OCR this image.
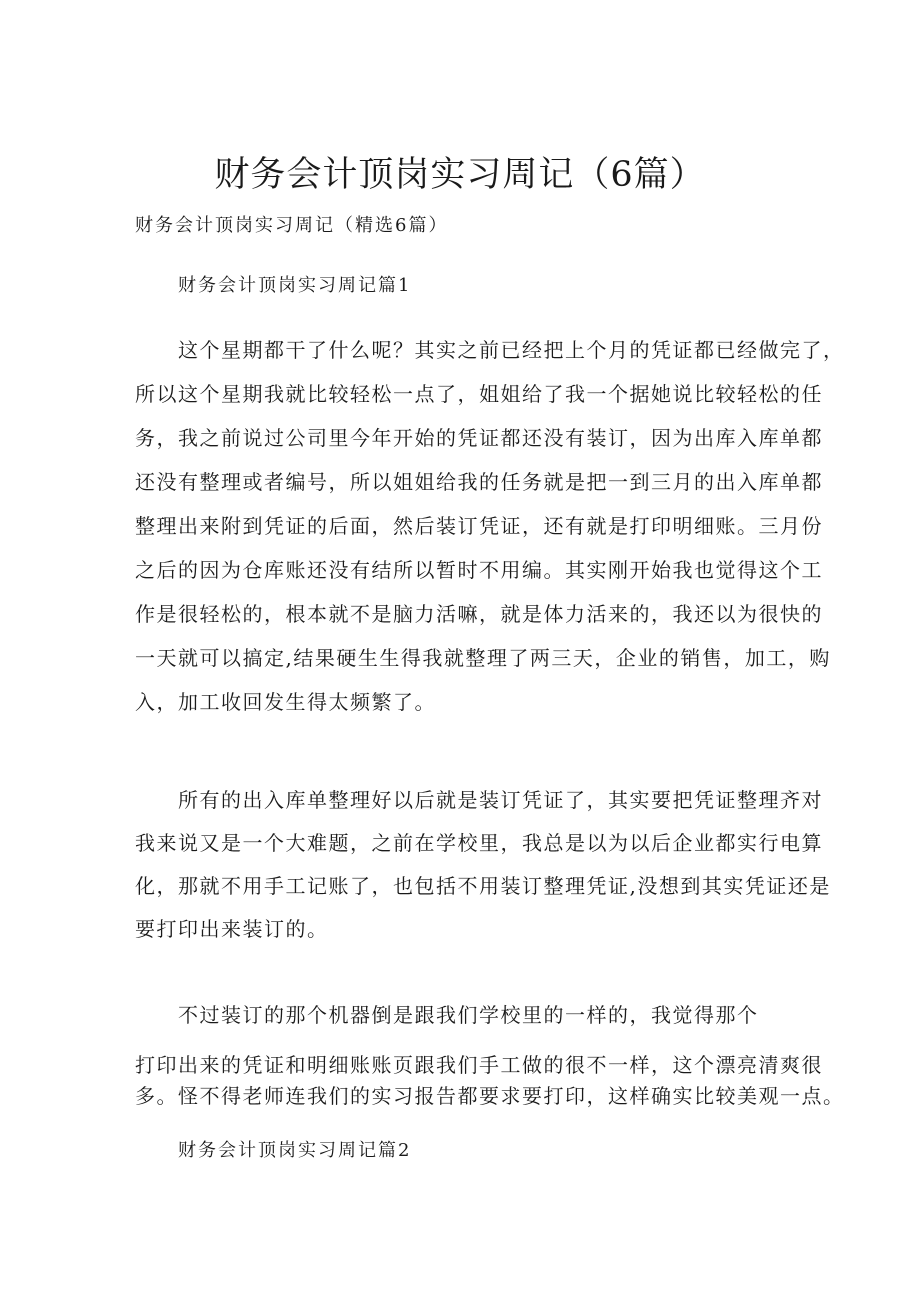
财务会计顶岗实习周记（6篇）

财务会计顶岗实习周记（精选6篇）

财务会计顶岗实习周记篇1
这个星期都干了什么呢？其实之前已经把上个月的凭证都已经做完了，
所以这个星期我就比较轻松一点了，姐姐给了我一个据她说比较轻松的任
务，我之前说过公司里今年开始的凭证都还没有装订，因为出库入库单都
还没有整理或者编号，所以姐姐给我的任务就是把一到三月的出入库单都
整理出来附到凭证的后面，然后装订凭证，还有就是打印明细账。三月份
之后的因为仓库账还没有结所以暂时不用编。其实刚开始我也觉得这个工
作是很轻松的，根本就不是脑力活嘛，就是体力活来的，我还以为很快的
一天就可以搞定,结果硬生生得我就整理了两三天，企业的销售，加工，购
入，加工收回发生得太频繁了。
所有的出入库单整理好以后就是装订凭证了，其实要把凭证整理齐对
我来说又是一个大难题，之前在学校里，我总是以为以后企业都实行电算
化，那就不用手工记账了，也包括不用装订整理凭证,没想到其实凭证还是
要打印出来装订的。
不过装订的那个机器倒是跟我们学校里的一样的，我觉得那个
打印出来的凭证和明细账账页跟我们手工做的很不一样，这个漂亮清爽很
多。怪不得老师连我们的实习报告都要求要打印，这样确实比较美观一点。
财务会计顶岗实习周记篇2
